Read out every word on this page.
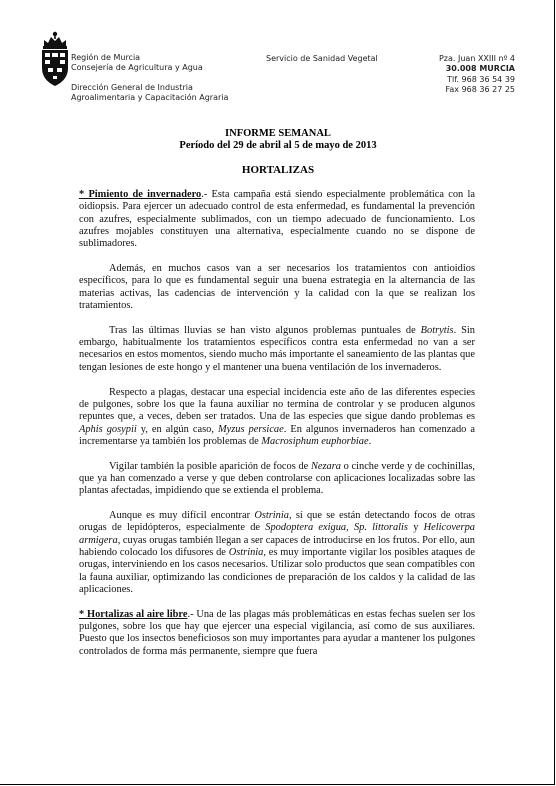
Región de Murcia
Consejería de Agricultura y Agua
Dirección General de Industria
Agroalimentaria y Capacitación Agraria
Servicio de Sanidad Vegetal	Pza. Juan XXIII nº 4
30.008 MURCIA
Tlf. 968 36 54 39
Fax 968 36 27 25
INFORME SEMANAL
Período del 29 de abril al 5 de mayo de 2013
HORTALIZAS

* Pimiento de invernadero.- Esta campaña está siendo especialmente problemática con la oidiopsis. Para ejercer un adecuado control de esta enfermedad, es fundamental la prevención con azufres, especialmente sublimados, con un tiempo adecuado de funcionamiento. Los azufres mojables constituyen una alternativa, especialmente cuando no se dispone de sublimadores.

Además, en muchos casos van a ser necesarios los tratamientos con antioidios específicos, para lo que es fundamental seguir una buena estrategia en la alternancia de las materias activas, las cadencias de intervención y la calidad con la que se realizan los tratamientos.

Tras las últimas lluvias se han visto algunos problemas puntuales de Botrytis. Sin embargo, habitualmente los tratamientos específicos contra esta enfermedad no van a ser necesarios en estos momentos, siendo mucho más importante el saneamiento de las plantas que tengan lesiones de este hongo y el mantener una buena ventilación de los invernaderos.

Respecto a plagas, destacar una especial incidencia este año de las diferentes especies de pulgones, sobre los que la fauna auxiliar no termina de controlar y se producen algunos repuntes que, a veces, deben ser tratados. Una de las especies que sigue dando problemas es Aphis gosypii y, en algún caso, Myzus persicae. En algunos invernaderos han comenzado a incrementarse ya también los problemas de Macrosiphum euphorbiae.

Vigilar también la posible aparición de focos de Nezara o cinche verde y de cochinillas, que ya han comenzado a verse y que deben controlarse con aplicaciones localizadas sobre las plantas afectadas, impidiendo que se extienda el problema.

Aunque es muy difícil encontrar Ostrinia, sí que se están detectando focos de otras orugas de lepidópteros, especialmente de Spodoptera exigua, Sp. littoralis y Helicoverpa armigera, cuyas orugas también llegan a ser capaces de introducirse en los frutos. Por ello, aun habiendo colocado los difusores de Ostrinia, es muy importante vigilar los posibles ataques de orugas, interviniendo en los casos necesarios. Utilizar solo productos que sean compatibles con la fauna auxiliar, optimizando las condiciones de preparación de los caldos y la calidad de las aplicaciones.

* Hortalizas al aire libre.- Una de las plagas más problemáticas en estas fechas suelen ser los pulgones, sobre los que hay que ejercer una especial vigilancia, así como de sus auxiliares. Puesto que los insectos beneficiosos son muy importantes para ayudar a mantener los pulgones controlados de forma más permanente, siempre que fuera
